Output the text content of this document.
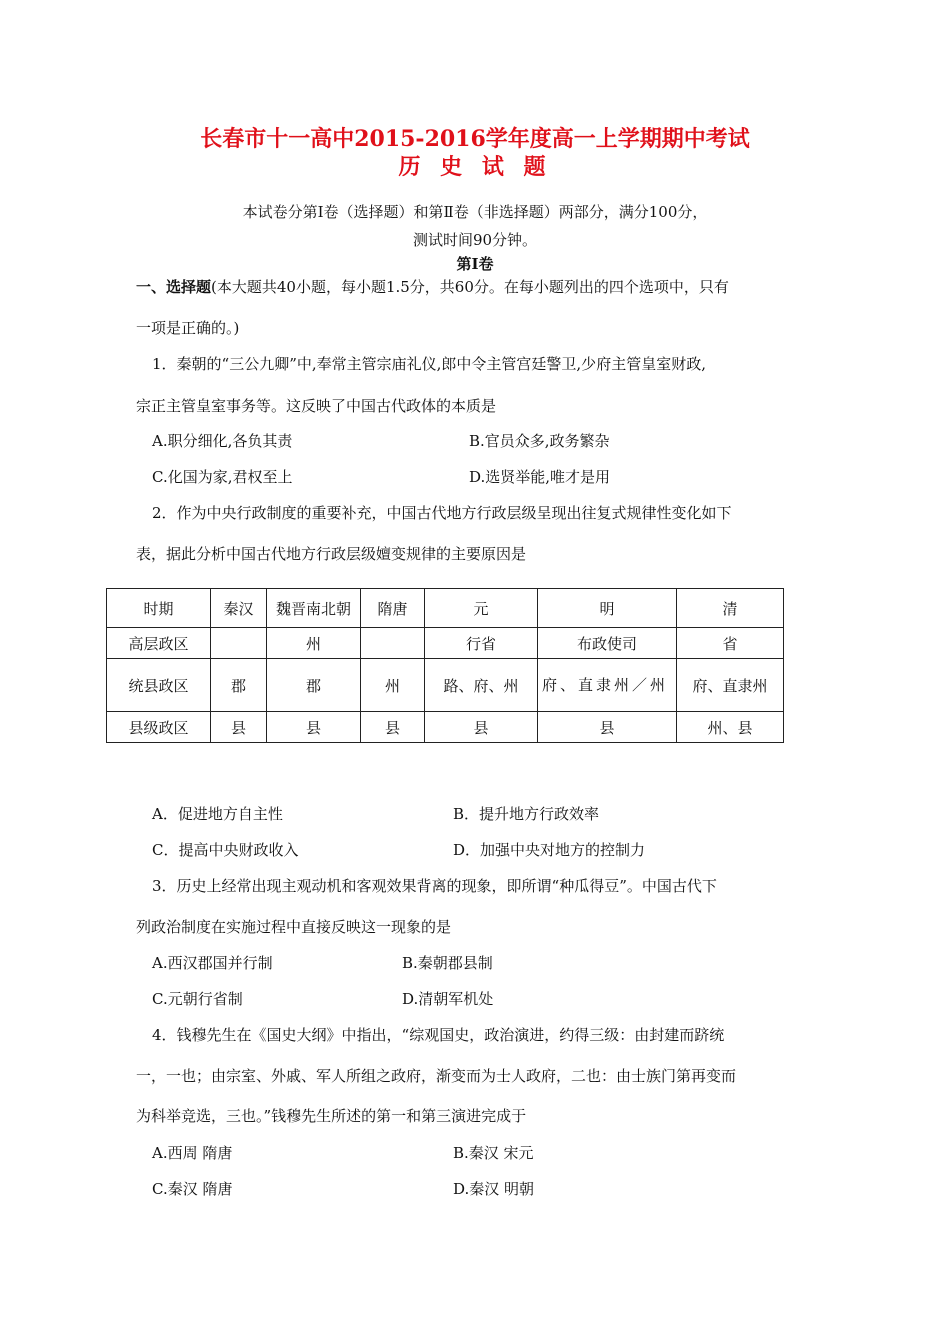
长春市十一高中2015-2016学年度高一上学期期中考试
历 史 试 题
本试卷分第Ⅰ卷（选择题）和第Ⅱ卷（非选择题）两部分，满分100分，
测试时间90分钟。
第Ⅰ卷
一、选择题(本大题共40小题，每小题1.5分，共60分。在每小题列出的四个选项中，只有
一项是正确的。)
1．秦朝的“三公九卿”中,奉常主管宗庙礼仪,郎中令主管宫廷警卫,少府主管皇室财政,
宗正主管皇室事务等。这反映了中国古代政体的本质是
A.职分细化,各负其责	B.官员众多,政务繁杂
C.化国为家,君权至上	D.选贤举能,唯才是用
2．作为中央行政制度的重要补充，中国古代地方行政层级呈现出往复式规律性变化如下
表，据此分析中国古代地方行政层级嬗变规律的主要原因是
时期	秦汉	魏晋南北朝	隋唐	元	明	清
高层政区		州		行省	布政使司	省
统县政区	郡	郡	州	路、府、州	府、直隶州／州	府、直隶州
县级政区	县	县	县	县	县	州、县
A．促进地方自主性	B．提升地方行政效率
C．提高中央财政收入	D．加强中央对地方的控制力
3．历史上经常出现主观动机和客观效果背离的现象，即所谓“种瓜得豆”。中国古代下
列政治制度在实施过程中直接反映这一现象的是
A.西汉郡国并行制	B.秦朝郡县制
C.元朝行省制	D.清朝军机处
4．钱穆先生在《国史大纲》中指出，“综观国史，政治演进，约得三级：由封建而跻统
一，一也；由宗室、外戚、军人所组之政府，渐变而为士人政府，二也：由士族门第再变而
为科举竞选，三也。”钱穆先生所述的第一和第三演进完成于
A.西周 隋唐	B.秦汉 宋元
C.秦汉 隋唐	D.秦汉 明朝
